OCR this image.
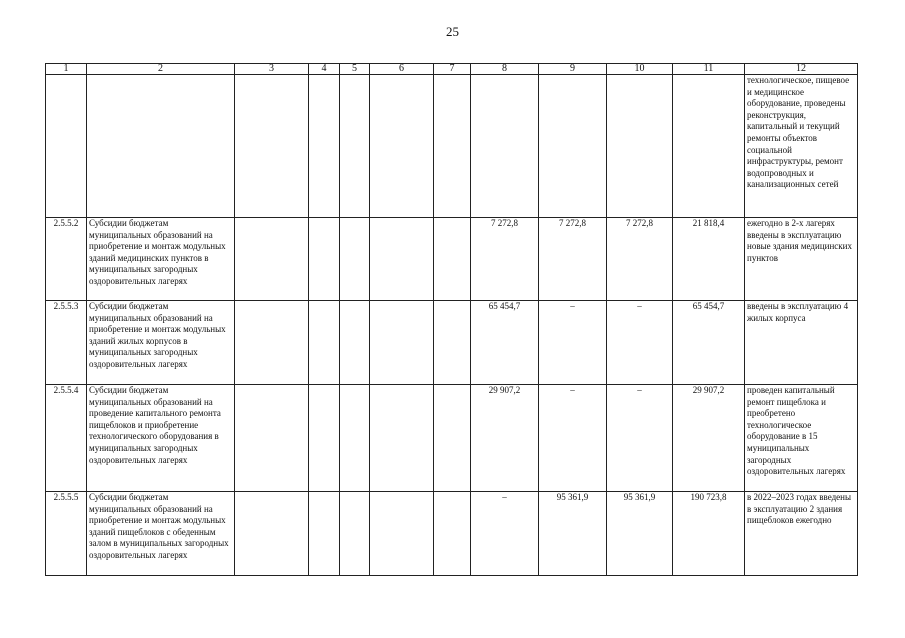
25
1	2	3	4	5	6	7	8	9	10	11	12
											технологическое, пищевое и медицинское оборудование, проведены реконструкция, капитальный и текущий ремонты объектов социальной инфраструктуры, ремонт водопроводных и канализационных сетей
2.5.5.2	Субсидии бюджетам муниципальных образований на приобретение и монтаж модульных зданий медицинских пунктов в муниципальных загородных оздоровительных лагерях						7 272,8	7 272,8	7 272,8	21 818,4	ежегодно в 2-х лагерях введены в эксплуатацию новые здания медицинских пунктов
2.5.5.3	Субсидии бюджетам муниципальных образований на приобретение и монтаж модульных зданий жилых корпусов в муниципальных загородных оздоровительных лагерях						65 454,7	–	–	65 454,7	введены в эксплуатацию 4 жилых корпуса
2.5.5.4	Субсидии бюджетам муниципальных образований на проведение капитального ремонта пищеблоков и приобретение технологического оборудования в муниципальных загородных оздоровительных лагерях						29 907,2	–	–	29 907,2	проведен капитальный ремонт пищеблока и преобретено технологическое оборудование в 15 муниципальных загородных оздоровительных лагерях
2.5.5.5	Субсидии бюджетам муниципальных образований на приобретение и монтаж модульных зданий пищеблоков с обеденным залом в муниципальных загородных оздоровительных лагерях						–	95 361,9	95 361,9	190 723,8	в 2022–2023 годах введены в эксплуатацию 2 здания пищеблоков ежегодно
